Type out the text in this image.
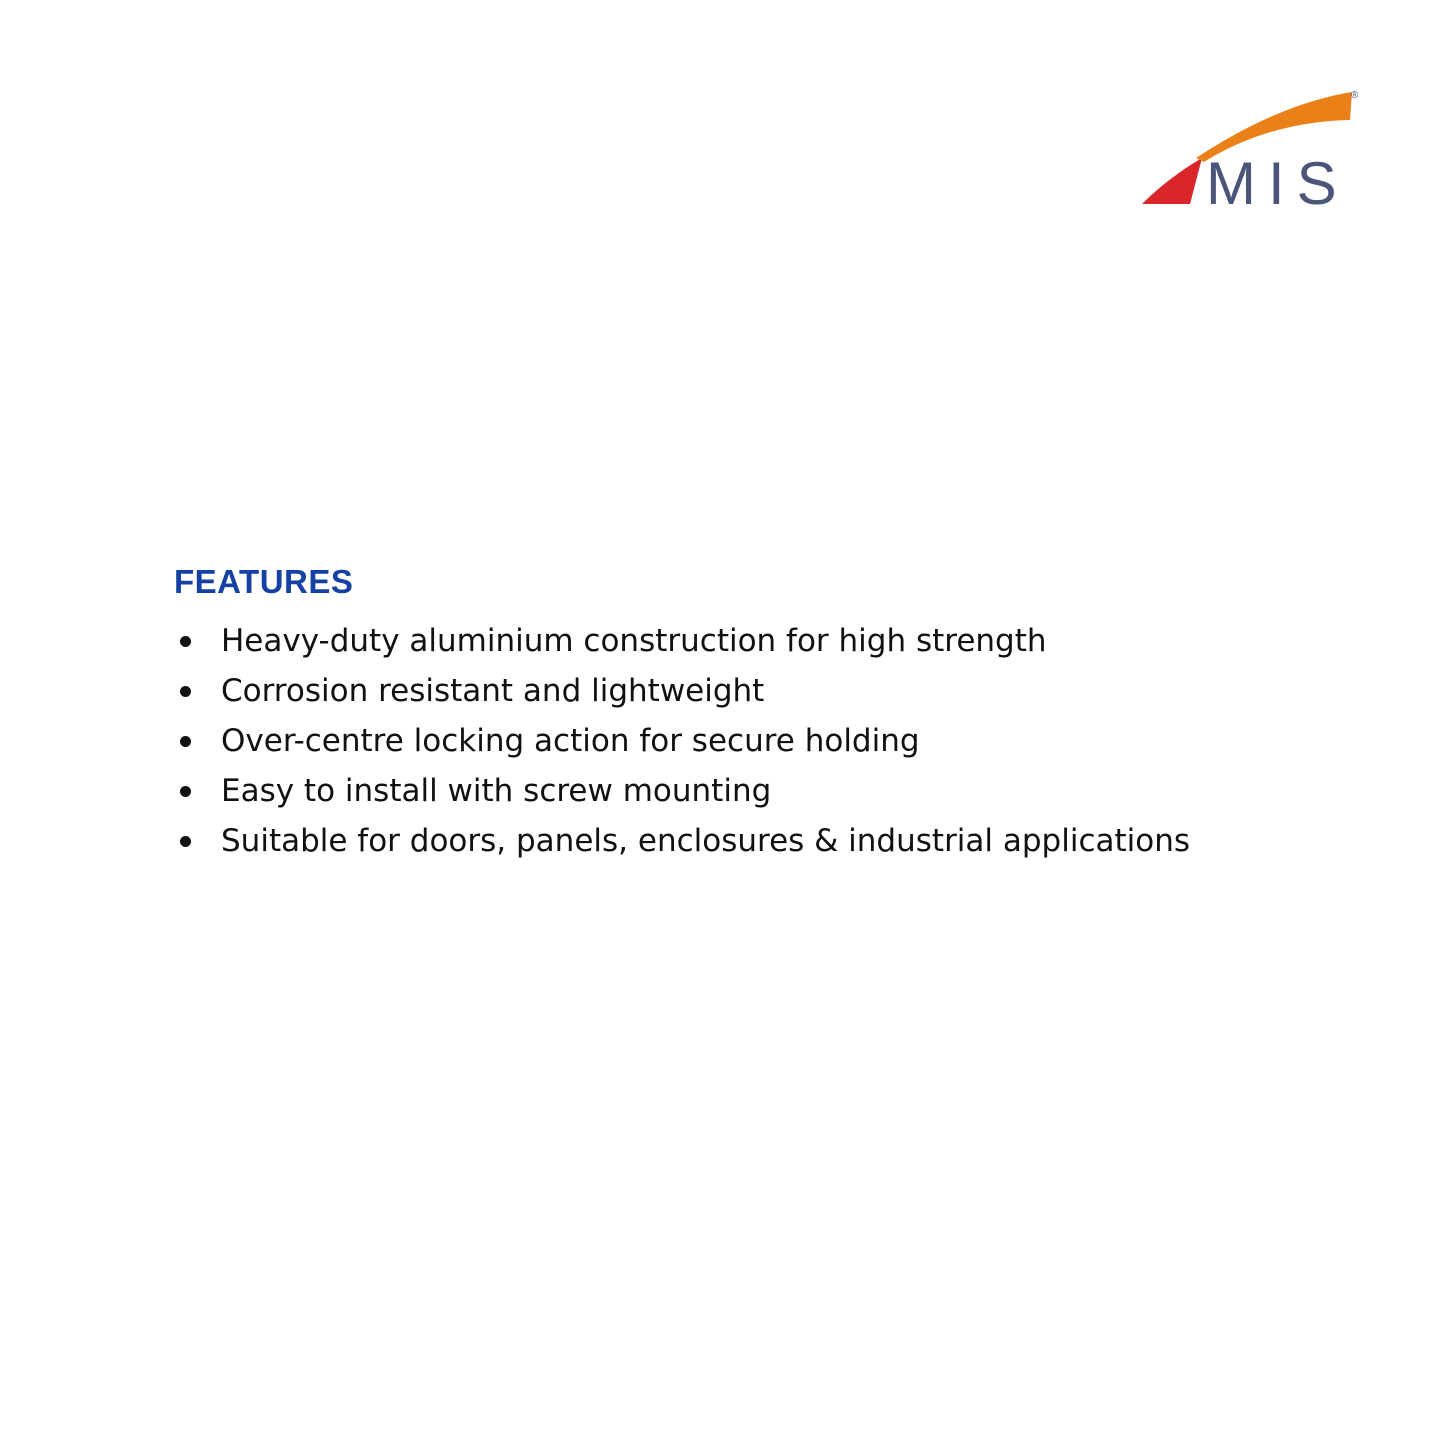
MIS
®
FEATURES
Heavy-duty aluminium construction for high strength
Corrosion resistant and lightweight
Over-centre locking action for secure holding
Easy to install with screw mounting
Suitable for doors, panels, enclosures & industrial applications
